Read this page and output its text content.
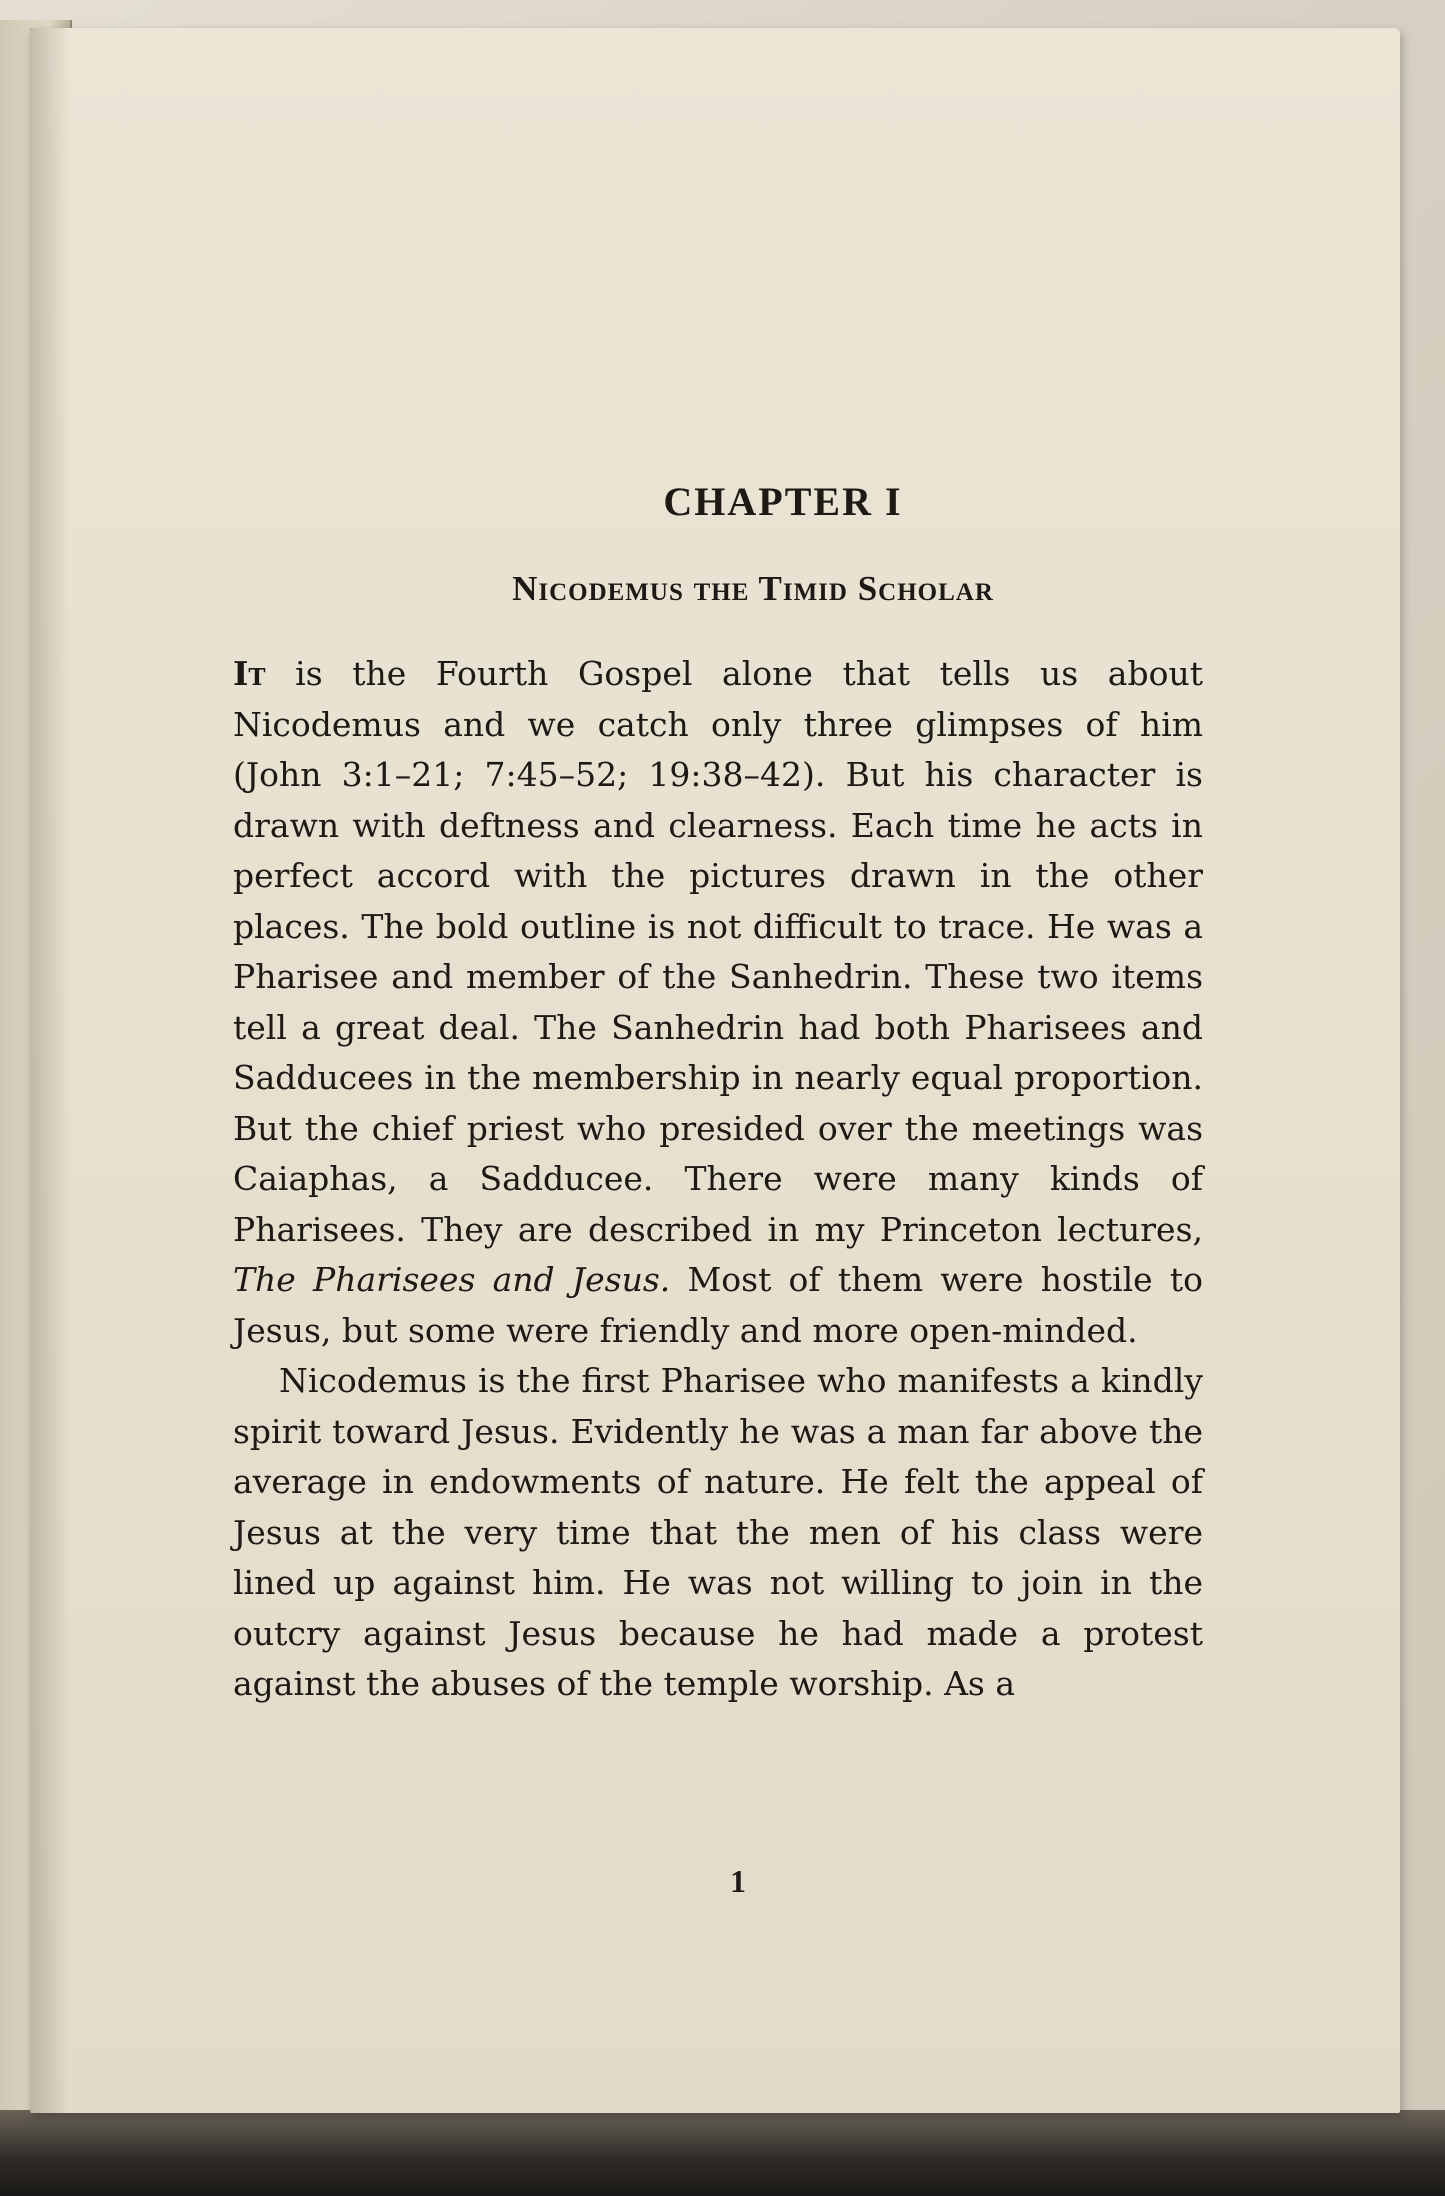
CHAPTER I
Nicodemus the Timid Scholar

It is the Fourth Gospel alone that tells us about Nicodemus and we catch only three glimpses of him (John 3:1–21; 7:45–52; 19:38–42). But his character is drawn with deftness and clearness. Each time he acts in perfect accord with the pictures drawn in the other places. The bold outline is not difficult to trace. He was a Pharisee and member of the Sanhedrin. These two items tell a great deal. The Sanhedrin had both Pharisees and Sadducees in the membership in nearly equal proportion. But the chief priest who presided over the meetings was Caiaphas, a Sadducee. There were many kinds of Pharisees. They are described in my Princeton lectures, The Pharisees and Jesus. Most of them were hostile to Jesus, but some were friendly and more open-minded.

Nicodemus is the first Pharisee who manifests a kindly spirit toward Jesus. Evidently he was a man far above the average in endowments of nature. He felt the appeal of Jesus at the very time that the men of his class were lined up against him. He was not willing to join in the outcry against Jesus because he had made a protest against the abuses of the temple worship. As a

1
